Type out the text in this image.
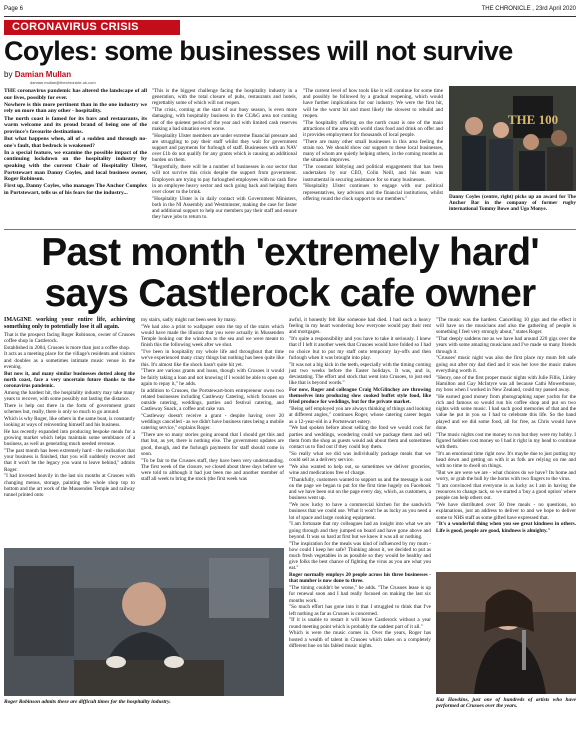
Page 6	THE CHRONICLE , 23rd April 2020
CORONAVIRUS CRISIS
Coyles: some businesses will not survive
by Damian Mullan
damian.mullan@thechronicle.uk.com

THE coronavirus pandemic has altered the landscape of all our lives, possibly for ever.

Nowhere is this more pertinent than in the one industry we rely on more than any other - hospitality.

The north coast is famed for its bars and restaurants, its warm welcome and its proud brand of being one of the province's favourite destinations.

But what happens when, all of a sudden and through no-one's fault, that bedrock is weakened?

In a special feature, we examine the possible impact of the continuing lockdown on the hospitality industry by speaking with the current Chair of Hospitality Ulster, Portstewart man Danny Coyles, and local business owner, Roger Robinson.

First up, Danny Coyles, who manages The Anchor Complex in Portstewart, tells us of his fears for the industry...

"This is the biggest challenge facing the hospitality industry in a generation, with the total closure of pubs, restaurants and hotels, regrettably some of which will not reopen.

"The crisis, coming at the start of our busy season, is even more damaging, with hospitality business in the CC&G area not coming out of the quietest period of the year and with limited cash reserves making a bad situation even worse.

"Hospitality Ulster members are under extreme financial pressure and are struggling to pay their staff whilst they wait for government support and payments for furlough of staff. Businesses with an NAV over £1b do not qualify for any grants which is causing an additional burden on them.

"Regretfully, there will be a number of businesses in our sector that will not survive this crisis despite the support from government. Employers are trying to pay furloughed employees with no cash flow in an employee heavy sector and such going back and helping them over closer to the brink.

"Hospitality Ulster is in daily contact with Government Ministers, both in the NI Assembly and Westminster, making the case for faster and additional support to help our members pay their staff and ensure they have jobs to return to.

"The current level of how tools like it will continue for some time and possibly be followed by a gradual reopening, which would have further implications for our industry. We were the first hit, will be the worst hit and most likely the slowest to rebuild and reopen.

"The hospitality offering on the north coast is one of the main attractions of the area with world class food and drink on offer and it provides employment for thousands of local people.

"There are many other small businesses in this area feeling the strain too. We should show our support to these local businesses, many of whom are quietly helping others, in the coming months as the situation improves.

"The constant lobbying and political engagement that has been undertaken by our CEO, Colin Neill, and his team was instrumental in securing assistance for so many businesses.

"Hospitality Ulster continues to engage with our political representatives, key advisors and the financial institutions, whilst offering round the clock support to our members."

THE 100

Danny Coyles (centre, right) picks up an award for The Anchor Bar in the company of former rugby international Tommy Bowe and Ugo Monye.

Past month 'extremely hard' says Castlerock cafe owner

IMAGINE working your entire life, achieving something only to potentially lose it all again.

That is the prospect facing Roger Robinson, owner of Crusoes coffee shop in Castlerock.

Established in 2004, Crusoes is more than just a coffee shop.

It acts as a meeting place for the village's residents and visitors and doubles as a sometimes intimate music venue in the evening.

But now it, and many similar businesses dotted along the north coast, face a very uncertain future thanks to the coronavirus pandemic.

Among the hardest hit, the hospitality industry may take many years to recover, with some possibly not lasting the distance.

There is help out there in the form of government grant schemes but, really, there is only so much to go around.

Which is why Roger, like others in the same boat, is constantly looking at ways of reinventing himself and his business.

He has recently expanded into producing bespoke meals for a growing market which helps maintain some semblance of a business, as well as generating much needed revenue.

"The past month has been extremely hard - the realisation that your business is finished, that you will suddenly recover and that it won't be the legacy you want to leave behind," admits Roger.

"I had invested heavily in the last six months at Crusoes with changing menus, storage, painting the whole shop top to bottom and the art work of the Mussenden Temple and railway tunnel printed onto

my stairs, sadly might not been seen by many.

"We had also a print to wallpaper onto the top of the stairs which would have made the illusion that you were actually in Mussenden Temple looking out the windows to the sea and we were meant to finish this the following week after we shut.

"I've been in hospitality my whole life and throughout that time we've experienced many crazy things but nothing has been quite like this. It's almost like the shock hasn't quite hit yet.

"There are various grants and loans, though with Crusoes it would be fairly taking a loan and not knowing if I would be able to open up again to repay it," he adds.

In addition to Crusoes, the Portstewart-born entrepreneur owns two related businesses including Castleway Catering, which focuses on outside catering, weddings, parties and festival catering, and Castleway Snack, a coffee and cake van.

"Castleway doesn't receive a grant - despite having over 20 weddings cancelled - as we didn't have business rates being a mobile catering service," explains Roger.

"There are so many stories going around that I should get this and that but, as yet, there is nothing else. The government updates are good, though, and the furlough payments for staff should come in soon.

"To be fair to the Crusoes staff, they have been very understanding. The first week of the closure, we closed about three days before we were told to although it had just been me and another member of staff all week to bring the stock (the first week was

awful, it honestly felt like someone had died. I had such a heavy feeling in my heart wondering how everyone would pay their rent and mortgages.

"It's quite a responsibility and you have to take it seriously. I knew that if I left it another week that Crusoes would have folded so I had no choice but to put my staff onto temporary lay-offs and then furlough when it was brought into play.

"It was not a big kick in the teeth, especially with the timing coming just two weeks before the Easter holidays. It was, and is, devastating. The effort and stock that went into Crusoes, to just end like that is beyond words."

For now, Roger and colleague Craig McGlinchey are throwing themselves into producing slow cooked buffet style food, like fried produce for weddings, but for the private market.

"Being self employed you are always thinking of things and looking at different angles," continues Roger, whose catering career began as a 12-year-old in a Portstewart eatery.

"We had spoken before about selling the food we would cook for parties and weddings, wondering could we package them and sell them from the shop as guests would ask about them and sometimes contact us to find out if they could buy them.

"So really what we did was individually package meals that we could sell as a delivery service.

"We also wanted to help out, so sometimes we deliver groceries, wine and medications free of charge.

"Thankfully, customers wanted to support us and the message is out on the page we began to put for the first time hugely on Facebook and we have been out on the page every day, which, as customers, a business went up.

"We now lucky to have a commercial kitchen for the sandwich business that we could use. What it won't be as lucky as you need a lot of space and large cooking equipment.

"I am fortunate that my colleagues had an insight into what we are going through and they jumped on board and have gone above and beyond. It was so hard at first but we knew it was all or nothing.

"The inspiration for the meals was kind of influenced by my mum - how could I keep her safe? Thinking about it, we decided to put as much fresh vegetables in as possible so they would be healthy and give folks the best chance of fighting the virus as you are what you eat."

Roger normally employs 20 people across his three businesses - that number is now done to three.

"The timing couldn't be worse," he adds. "The Crusoes lease is up for renewal soon and I had really focused on making the last six months work.

"So much effort has gone into it that I struggled to think that I've left nothing as far as Crusoes is concerned.

"If it is unable to restart it will leave Castlerock without a year round meeting point which is probably the saddest part of it all."

Which is were the music comes in. Over the years, Roger has hosted a wealth of talent in Crusoes which takes on a completely different hue on his fabled music nights.

"The music was the hardest. Cancelling 10 gigs and the effect it will have on the musicians and also the gathering of people is something I feel very strongly about," states Roger.

"That deeply saddens me as we have had around 220 gigs over the years with some amazing musicians and I've made so many friends through it.

"Crusoes' music night was also the first place my mum felt safe going out after my dad died and it was her love the music makes everything worth it.

"Henry, one of the first proper music nights with Julie Fillis, Linley Hamilton and Gay McIntyre was all because Cathi Mowerbusse, my boss when I worked in New Zealand, could my passed away.

"He earned good money from photographing super yachts for the rich and famous so would run his coffee shop and put on two nights with some music. I had such good memories of that and the value he put in you so I had to celebrate this life. So the band played and we did some food, all for free, as Chris would have done.

"The music nights cost me money to run but they were my hobby. I figured hobbies cost money so I had it right in my head to continue with them.

"It's an emotional time right now. It's maybe due to just putting my head down and getting on with it as folk are relying on me and with no time to dwell on things.

"But we are were we are - what choices do we have? Its home and worry, or grab the bull by the horns with two fingers to the virus.

"I am convinced that everyone is as lucky as I am in having the resources to change tack, so we started a 'buy a good option' where people can help others out.

"We have distributed over 50 free meals - no questions, no explanations, just an address to deliver to and we hope to deliver some to NHS staff as some gifted have expressed that.

"It's a wonderful thing when you see great kindness in others. Life is good, people are good, kindness is almighty."

Roger Robinson admits these are difficult times for the hospitality industry.	Kaz Hawkins, just one of hundreds of artists who have performed at Crusoes over the years.
